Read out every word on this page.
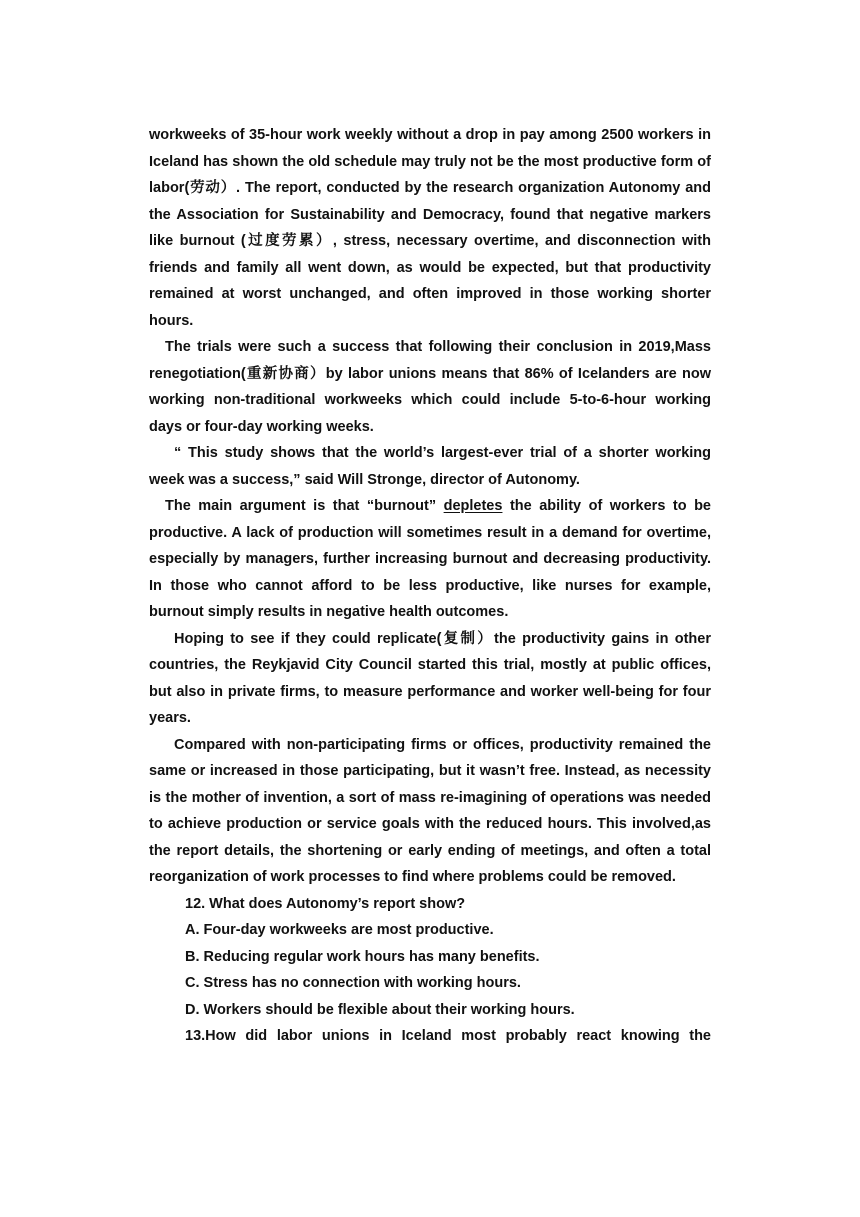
workweeks of 35-hour work weekly without a drop in pay among 2500 workers in Iceland has shown the old schedule may truly not be the most productive form of labor(劳动）. The report, conducted by the research organization Autonomy and the Association for Sustainability and Democracy, found that negative markers like burnout (过度劳累）, stress, necessary overtime, and disconnection with friends and family all went down, as would be expected, but that productivity remained at worst unchanged, and often improved in those working shorter hours.

The trials were such a success that following their conclusion in 2019,Mass renegotiation(重新协商）by labor unions means that 86% of Icelanders are now working non-traditional workweeks which could include 5-to-6-hour working days or four-day working weeks.

“ This study shows that the world’s largest-ever trial of a shorter working week was a success,” said Will Stronge, director of Autonomy.

The main argument is that “burnout” depletes the ability of workers to be productive. A lack of production will sometimes result in a demand for overtime, especially by managers, further increasing burnout and decreasing productivity. In those who cannot afford to be less productive, like nurses for example, burnout simply results in negative health outcomes.

Hoping to see if they could replicate(复制）the productivity gains in other countries, the Reykjavid City Council started this trial, mostly at public offices, but also in private firms, to measure performance and worker well-being for four years.

Compared with non-participating firms or offices, productivity remained the same or increased in those participating, but it wasn’t free. Instead, as necessity is the mother of invention, a sort of mass re-imagining of operations was needed to achieve production or service goals with the reduced hours. This involved,as the report details, the shortening or early ending of meetings, and often a total reorganization of work processes to find where problems could be removed.

12. What does Autonomy’s report show?

A. Four-day workweeks are most productive.

B. Reducing regular work hours has many benefits.

C. Stress has no connection with working hours.

D. Workers should be flexible about their working hours.

13.How did labor unions in Iceland most probably react knowing the
